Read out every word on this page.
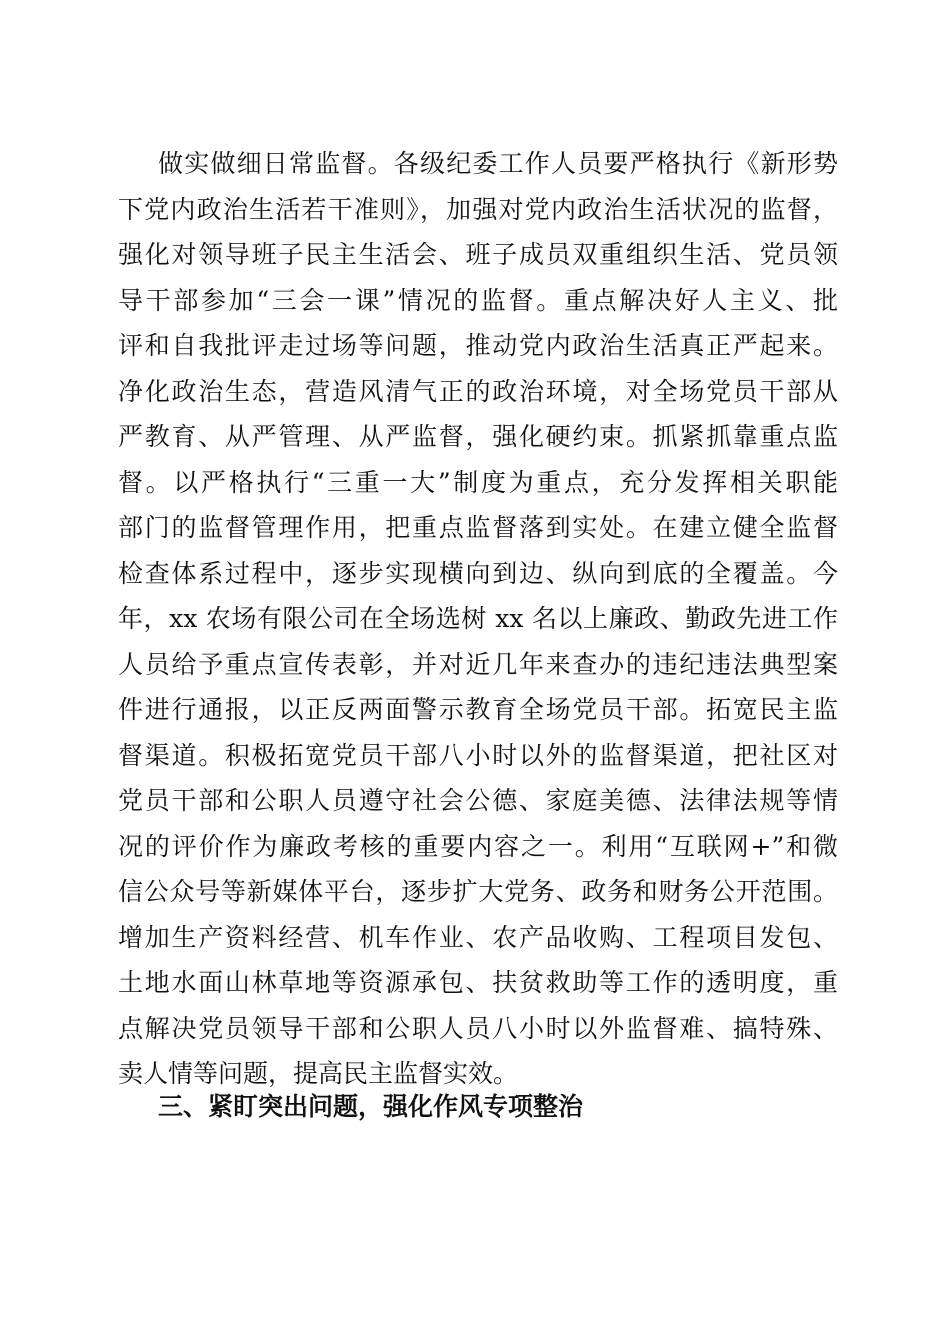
做实做细日常监督。各级纪委工作人员要严格执行《新形势
下党内政治生活若干准则》，加强对党内政治生活状况的监督，
强化对领导班子民主生活会、班子成员双重组织生活、党员领
导干部参加“三会一课”情况的监督。重点解决好人主义、批
评和自我批评走过场等问题，推动党内政治生活真正严起来。
净化政治生态，营造风清气正的政治环境，对全场党员干部从
严教育、从严管理、从严监督，强化硬约束。抓紧抓靠重点监
督。以严格执行“三重一大”制度为重点，充分发挥相关职能
部门的监督管理作用，把重点监督落到实处。在建立健全监督
检查体系过程中，逐步实现横向到边、纵向到底的全覆盖。今
年，xx 农场有限公司在全场选树 xx 名以上廉政、勤政先进工作
人员给予重点宣传表彰，并对近几年来查办的违纪违法典型案
件进行通报，以正反两面警示教育全场党员干部。拓宽民主监
督渠道。积极拓宽党员干部八小时以外的监督渠道，把社区对
党员干部和公职人员遵守社会公德、家庭美德、法律法规等情
况的评价作为廉政考核的重要内容之一。利用“互联网+”和微
信公众号等新媒体平台，逐步扩大党务、政务和财务公开范围。
增加生产资料经营、机车作业、农产品收购、工程项目发包、
土地水面山林草地等资源承包、扶贫救助等工作的透明度，重
点解决党员领导干部和公职人员八小时以外监督难、搞特殊、
卖人情等问题，提高民主监督实效。
三、紧盯突出问题，强化作风专项整治
